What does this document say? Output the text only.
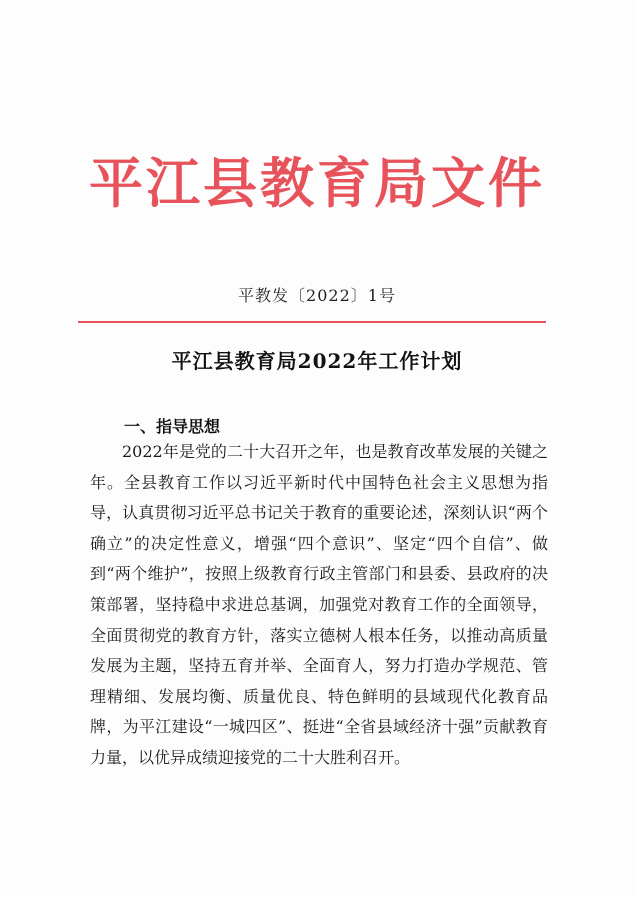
平江县教育局文件
平教发〔2022〕1号
平江县教育局2022年工作计划
一、指导思想

2022年是党的二十大召开之年，也是教育改革发展的关键之年。全县教育工作以习近平新时代中国特色社会主义思想为指导，认真贯彻习近平总书记关于教育的重要论述，深刻认识“两个确立”的决定性意义，增强“四个意识”、坚定“四个自信”、做到“两个维护”，按照上级教育行政主管部门和县委、县政府的决策部署，坚持稳中求进总基调，加强党对教育工作的全面领导，全面贯彻党的教育方针，落实立德树人根本任务，以推动高质量发展为主题，坚持五育并举、全面育人，努力打造办学规范、管理精细、发展均衡、质量优良、特色鲜明的县域现代化教育品牌，为平江建设“一城四区”、挺进“全省县域经济十强”贡献教育力量，以优异成绩迎接党的二十大胜利召开。
